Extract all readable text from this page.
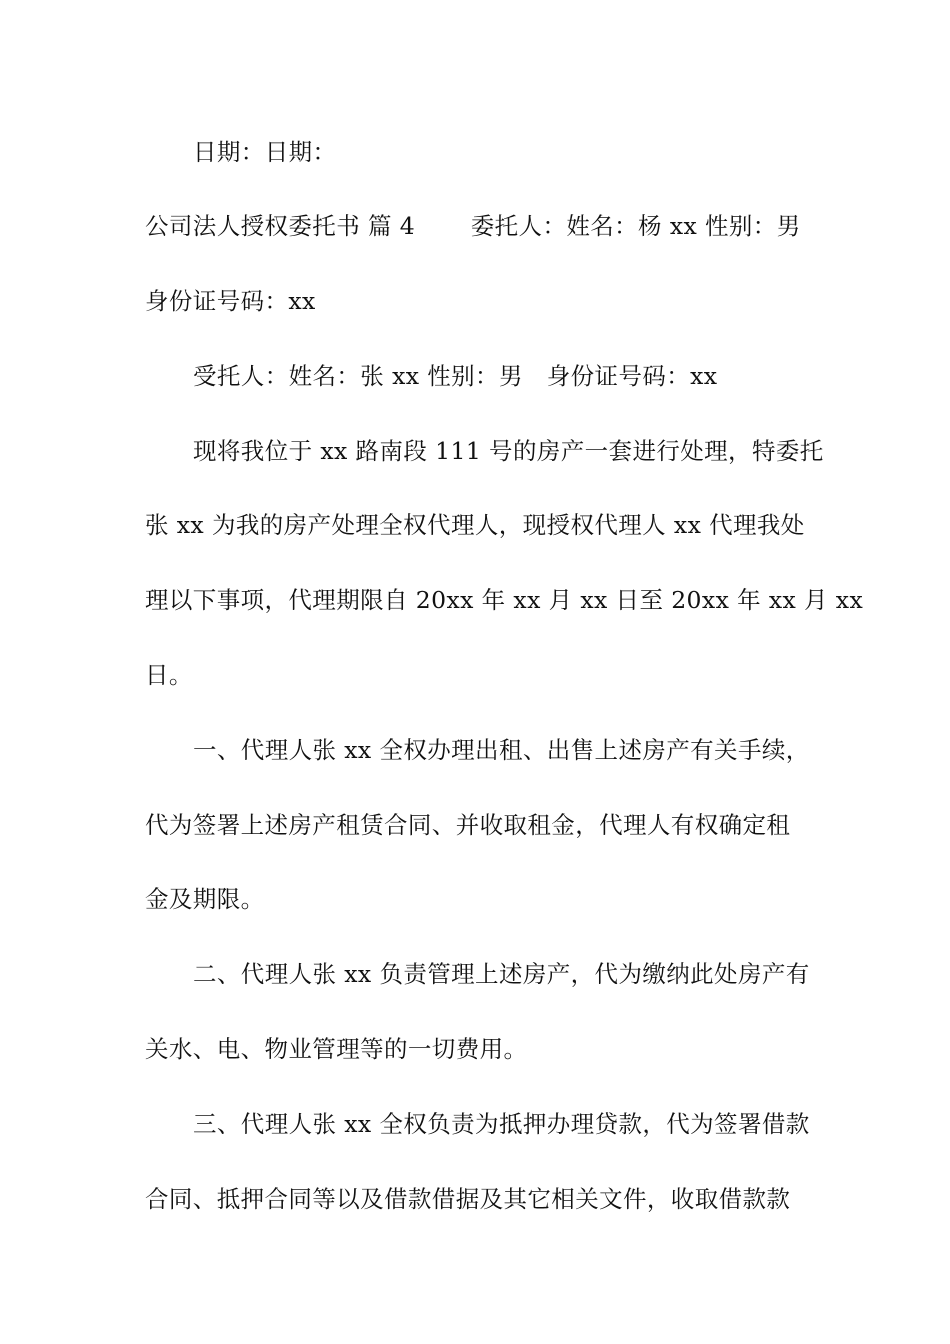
日期：日期：
公司法人授权委托书 篇 4　　 委托人：姓名：杨 xx 性别：男
身份证号码：xx
受托人：姓名：张 xx 性别：男　身份证号码：xx
现将我位于 xx 路南段 111 号的房产一套进行处理，特委托
张 xx 为我的房产处理全权代理人，现授权代理人 xx 代理我处
理以下事项，代理期限自 20xx 年 xx 月 xx 日至 20xx 年 xx 月 xx
日。
一、代理人张 xx 全权办理出租、出售上述房产有关手续，
代为签署上述房产租赁合同、并收取租金，代理人有权确定租
金及期限。
二、代理人张 xx 负责管理上述房产，代为缴纳此处房产有
关水、电、物业管理等的一切费用。
三、代理人张 xx 全权负责为抵押办理贷款，代为签署借款
合同、抵押合同等以及借款借据及其它相关文件，收取借款款
